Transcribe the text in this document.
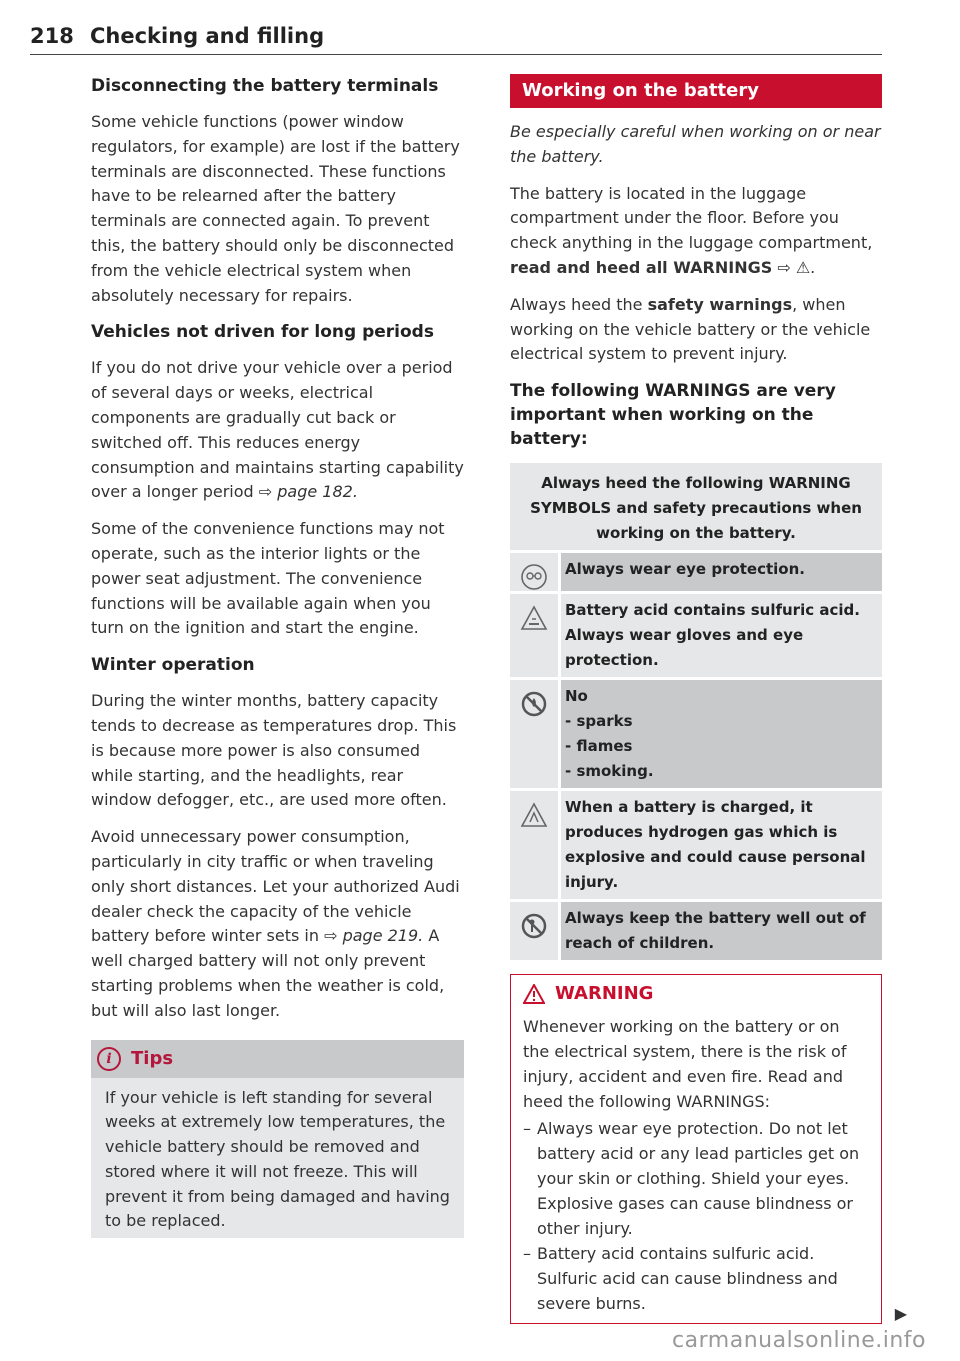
218 Checking and filling
Disconnecting the battery terminals

Some vehicle functions (power window regulators, for example) are lost if the battery terminals are disconnected. These functions have to be relearned after the battery terminals are connected again. To prevent this, the battery should only be disconnected from the vehicle electrical system when absolutely necessary for repairs.

Vehicles not driven for long periods

If you do not drive your vehicle over a period of several days or weeks, electrical components are gradually cut back or switched off. This reduces energy consumption and maintains starting capability over a longer period ⇨ page 182.

Some of the convenience functions may not operate, such as the interior lights or the power seat adjustment. The convenience functions will be available again when you turn on the ignition and start the engine.

Winter operation

During the winter months, battery capacity tends to decrease as temperatures drop. This is because more power is also consumed while starting, and the headlights, rear window defogger, etc., are used more often.

Avoid unnecessary power consumption, particularly in city traffic or when traveling only short distances. Let your authorized Audi dealer check the capacity of the vehicle battery before winter sets in ⇨ page 219. A well charged battery will not only prevent starting problems when the weather is cold, but will also last longer.

i	Tips

If your vehicle is left standing for several weeks at extremely low temperatures, the vehicle battery should be removed and stored where it will not freeze. This will prevent it from being damaged and having to be replaced.

Working on the battery

Be especially careful when working on or near the battery.

The battery is located in the luggage compartment under the floor. Before you check anything in the luggage compartment, read and heed all WARNINGS ⇨ ⚠.

Always heed the safety warnings, when working on the vehicle battery or the vehicle electrical system to prevent injury.

The following WARNINGS are very important when working on the battery:
Always heed the following WARNING SYMBOLS and safety precautions when working on the battery.
Always wear eye protection.
Battery acid contains sulfuric acid. Always wear gloves and eye protection.
No
- sparks
- flames
- smoking.
When a battery is charged, it produces hydrogen gas which is explosive and could cause personal injury.
Always keep the battery well out of reach of children.
WARNING

Whenever working on the battery or on the electrical system, there is the risk of injury, accident and even fire. Read and heed the following WARNINGS:

– Always wear eye protection. Do not let battery acid or any lead particles get on your skin or clothing. Shield your eyes. Explosive gases can cause blindness or other injury.
– Battery acid contains sulfuric acid. Sulfuric acid can cause blindness and severe burns.
▶
carmanualsonline.info
